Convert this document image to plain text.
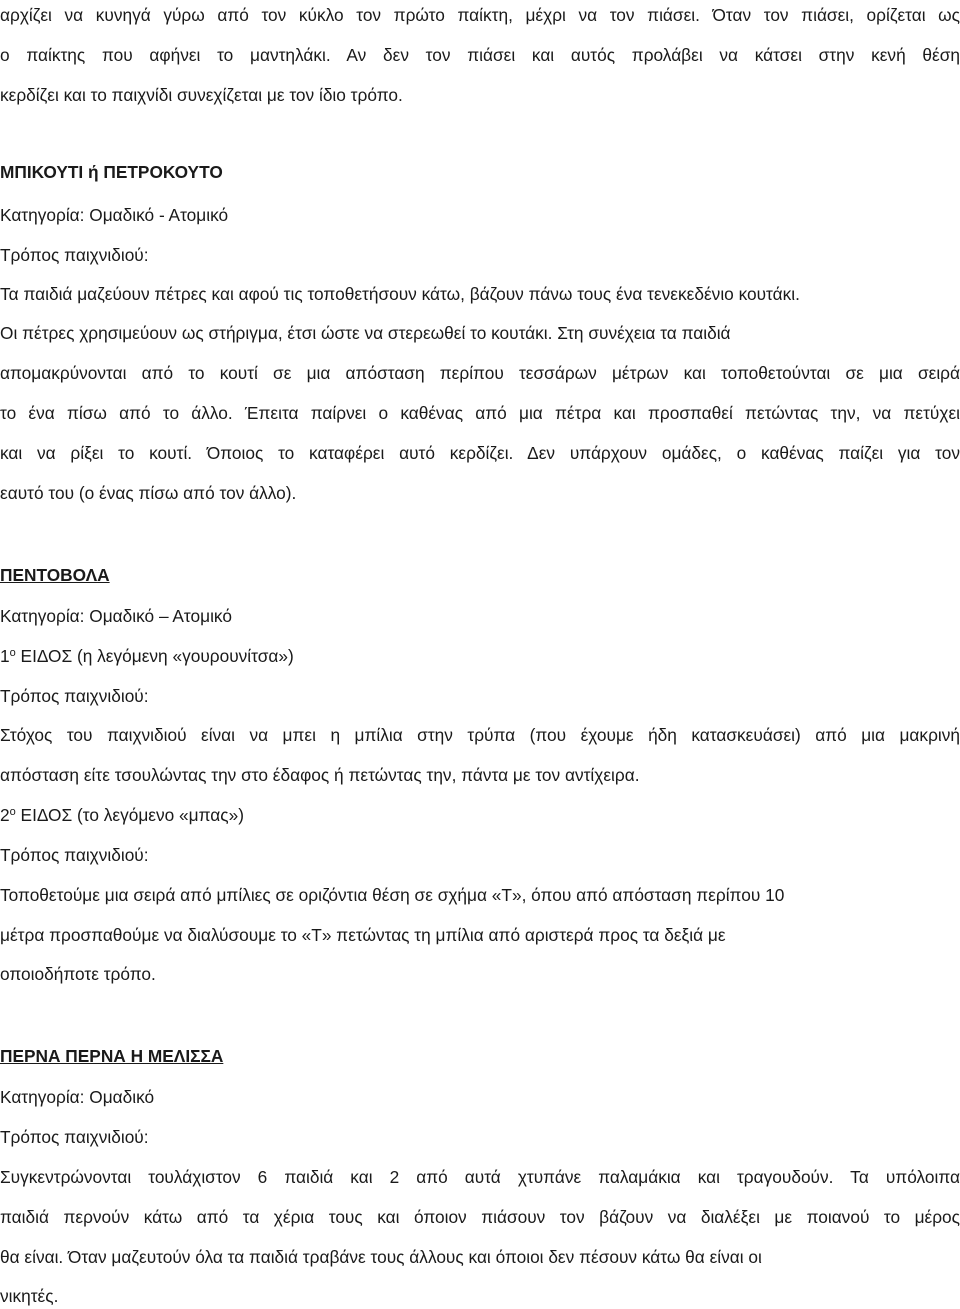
αρχίζει να κυνηγά γύρω από τον κύκλο τον πρώτο παίκτη, μέχρι να τον πιάσει. Όταν τον πιάσει, ορίζεται ως
ο παίκτης που αφήνει το μαντηλάκι. Αν δεν τον πιάσει και αυτός προλάβει να κάτσει στην κενή θέση
κερδίζει και το παιχνίδι συνεχίζεται με τον ίδιο τρόπο.
ΜΠΙΚΟΥΤΙ ή ΠΕΤΡΟΚΟΥΤΟ
Κατηγορία: Ομαδικό - Ατομικό
Τρόπος παιχνιδιού:
Τα παιδιά μαζεύουν πέτρες και αφού τις τοποθετήσουν κάτω, βάζουν πάνω τους ένα τενεκεδένιο κουτάκι.
Οι πέτρες χρησιμεύουν ως στήριγμα, έτσι ώστε να στερεωθεί το κουτάκι. Στη συνέχεια τα παιδιά
απομακρύνονται από το κουτί σε μια απόσταση περίπου τεσσάρων μέτρων και τοποθετούνται σε μια σειρά
το ένα πίσω από το άλλο. Έπειτα παίρνει ο καθένας από μια πέτρα και προσπαθεί πετώντας την, να πετύχει
και να ρίξει το κουτί. Όποιος το καταφέρει αυτό κερδίζει. Δεν υπάρχουν ομάδες, ο καθένας παίζει για τον
εαυτό του (ο ένας πίσω από τον άλλο).
ΠΕΝΤΟΒΟΛΑ
Κατηγορία: Ομαδικό – Ατομικό
$1^o$ ΕΙΔΟΣ (η λεγόμενη «γουρουνίτσα»)
Τρόπος παιχνιδιού:
Στόχος του παιχνιδιού είναι να μπει η μπίλια στην τρύπα (που έχουμε ήδη κατασκευάσει) από μια μακρινή
απόσταση είτε τσουλώντας την στο έδαφος ή πετώντας την, πάντα με τον αντίχειρα.
$2^o$ ΕΙΔΟΣ (το λεγόμενο «μπας»)
Τρόπος παιχνιδιού:
Τοποθετούμε μια σειρά από μπίλιες σε οριζόντια θέση σε σχήμα «Τ», όπου από απόσταση περίπου 10
μέτρα προσπαθούμε να διαλύσουμε το «Τ» πετώντας τη μπίλια από αριστερά προς τα δεξιά με
οποιοδήποτε τρόπο.
ΠΕΡΝΑ ΠΕΡΝΑ Η ΜΕΛΙΣΣΑ
Κατηγορία: Ομαδικό
Τρόπος παιχνιδιού:
Συγκεντρώνονται τουλάχιστον 6 παιδιά και 2 από αυτά χτυπάνε παλαμάκια και τραγουδούν. Τα υπόλοιπα
παιδιά περνούν κάτω από τα χέρια τους και όποιον πιάσουν τον βάζουν να διαλέξει με ποιανού το μέρος
θα είναι. Όταν μαζευτούν όλα τα παιδιά τραβάνε τους άλλους και όποιοι δεν πέσουν κάτω θα είναι οι
νικητές.
